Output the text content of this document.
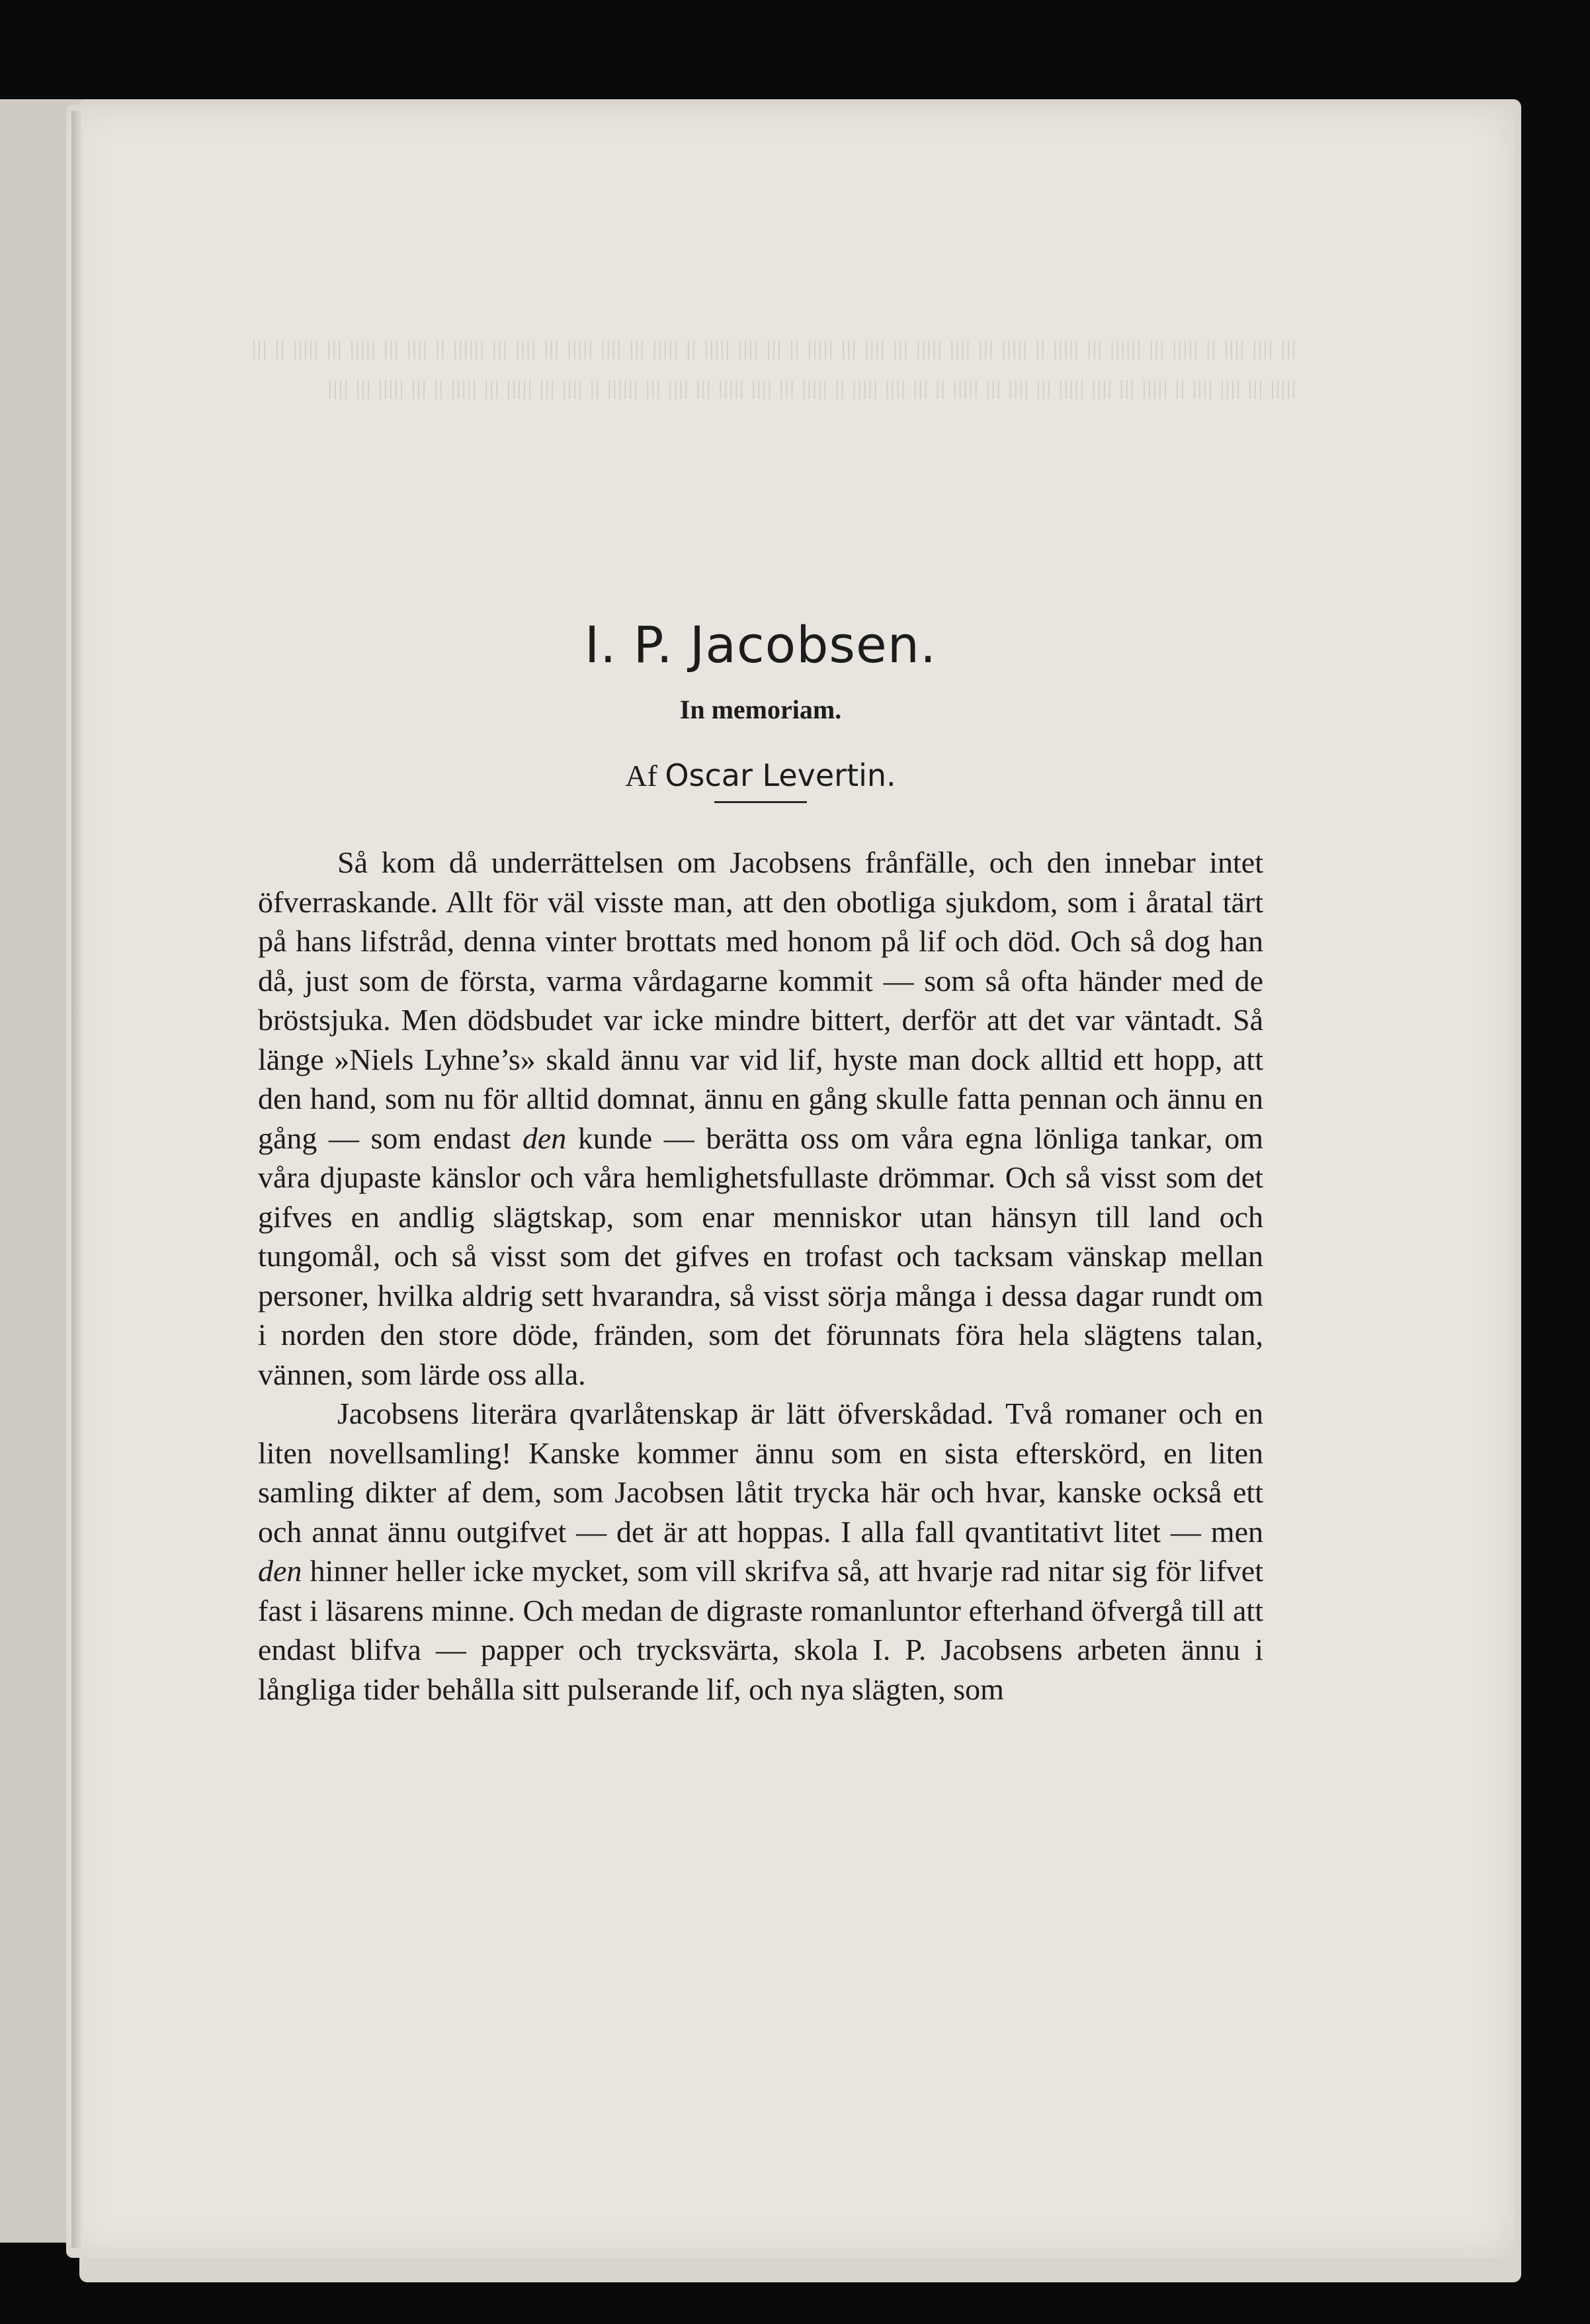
I. P. Jacobsen.
In memoriam.
Af Oscar Levertin.

Så kom då underrättelsen om Jacobsens frånfälle, och den innebar intet öfverraskande. Allt för väl visste man, att den obotliga sjukdom, som i åratal tärt på hans lifstråd, denna vinter brottats med honom på lif och död. Och så dog han då, just som de första, varma vårdagarne kommit — som så ofta händer med de bröstsjuka. Men dödsbudet var icke mindre bittert, derför att det var väntadt. Så länge »Niels Lyhne’s» skald ännu var vid lif, hyste man dock alltid ett hopp, att den hand, som nu för alltid domnat, ännu en gång skulle fatta pennan och ännu en gång — som endast den kunde — berätta oss om våra egna lönliga tankar, om våra djupaste känslor och våra hemlighetsfullaste drömmar. Och så visst som det gifves en andlig slägtskap, som enar menniskor utan hänsyn till land och tungomål, och så visst som det gifves en trofast och tacksam vänskap mellan personer, hvilka aldrig sett hvarandra, så visst sörja många i dessa dagar rundt om i norden den store döde, fränden, som det förunnats föra hela slägtens talan, vännen, som lärde oss alla.

Jacobsens literära qvarlåtenskap är lätt öfverskådad. Två romaner och en liten novellsamling! Kanske kommer ännu som en sista efterskörd, en liten samling dikter af dem, som Jacobsen låtit trycka här och hvar, kanske också ett och annat ännu outgifvet — det är att hoppas. I alla fall qvantitativt litet — men den hinner heller icke mycket, som vill skrifva så, att hvarje rad nitar sig för lifvet fast i läsarens minne. Och medan de digraste romanluntor efterhand öfvergå till att endast blifva — papper och trycksvärta, skola I. P. Jacobsens arbeten ännu i långliga tider behålla sitt pulserande lif, och nya slägten, som
